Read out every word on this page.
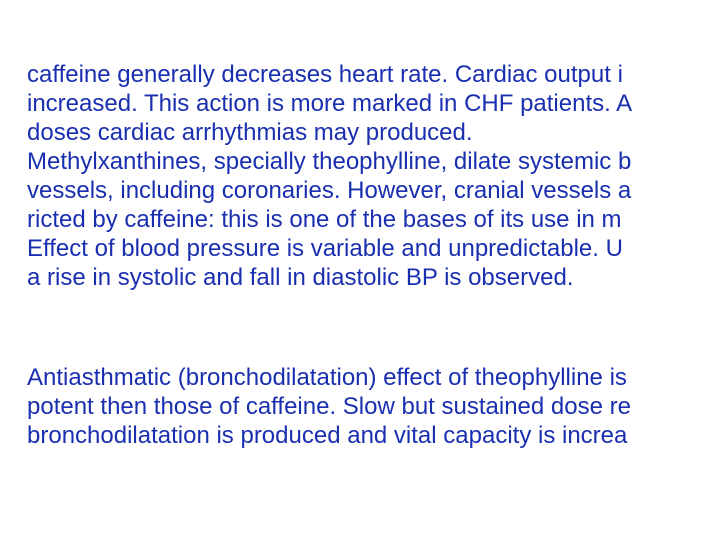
caffeine generally decreases heart rate. Cardiac output i
increased. This action is more marked in CHF patients. A
doses cardiac arrhythmias may produced.
Methylxanthines, specially theophylline, dilate systemic b
vessels, including coronaries. However, cranial vessels a
ricted by caffeine: this is one of the bases of its use in m
Effect of blood pressure is variable and unpredictable. U
a rise in systolic and fall in diastolic BP is observed.

Antiasthmatic (bronchodilatation) effect of theophylline is
potent then those of caffeine. Slow but sustained dose re
bronchodilatation is produced and vital capacity is increa
